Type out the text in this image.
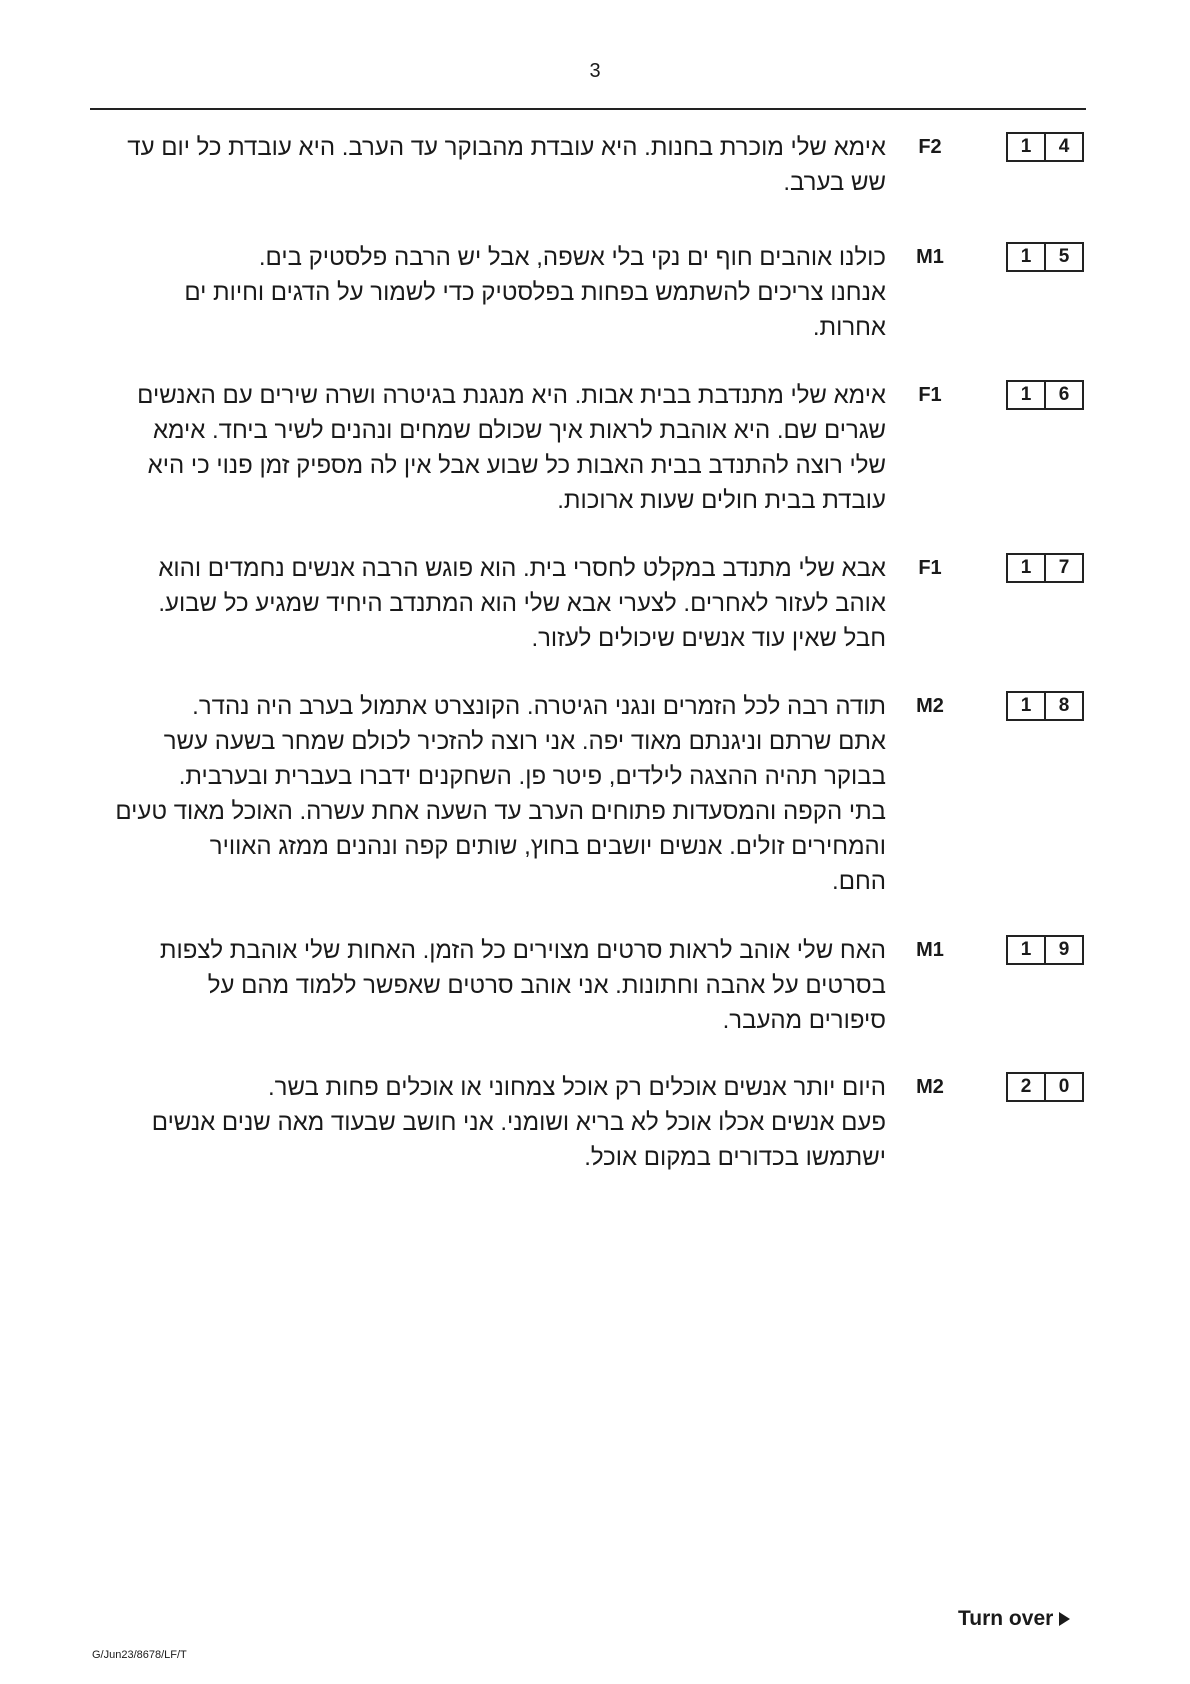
3
1	4
F2
אימא שלי מוכרת בחנות. היא עובדת מהבוקר עד הערב. היא עובדת כל יום עד
שש בערב.
1	5
M1
כולנו אוהבים חוף ים נקי בלי אשפה, אבל יש הרבה פלסטיק בים.
אנחנו צריכים להשתמש בפחות בפלסטיק כדי לשמור על הדגים וחיות ים
אחרות.
1	6
F1
אימא שלי מתנדבת בבית אבות. היא מנגנת בגיטרה ושרה שירים עם האנשים
שגרים שם. היא אוהבת לראות איך שכולם שמחים ונהנים לשיר ביחד. אימא
שלי רוצה להתנדב בבית האבות כל שבוע אבל אין לה מספיק זמן פנוי כי היא
עובדת בבית חולים שעות ארוכות.
1	7
F1
אבא שלי מתנדב במקלט לחסרי בית. הוא פוגש הרבה אנשים נחמדים והוא
אוהב לעזור לאחרים. לצערי אבא שלי הוא המתנדב היחיד שמגיע כל שבוע.
חבל שאין עוד אנשים שיכולים לעזור.
1	8
M2
תודה רבה לכל הזמרים ונגני הגיטרה. הקונצרט אתמול בערב היה נהדר.
אתם שרתם וניגנתם מאוד יפה. אני רוצה להזכיר לכולם שמחר בשעה עשר
בבוקר תהיה ההצגה לילדים, פיטר פן. השחקנים ידברו בעברית ובערבית.
בתי הקפה והמסעדות פתוחים הערב עד השעה אחת עשרה. האוכל מאוד טעים
והמחירים זולים. אנשים יושבים בחוץ, שותים קפה ונהנים ממזג האוויר
החם.
1	9
M1
האח שלי אוהב לראות סרטים מצוירים כל הזמן. האחות שלי אוהבת לצפות
בסרטים על אהבה וחתונות. אני אוהב סרטים שאפשר ללמוד מהם על
סיפורים מהעבר.
2	0
M2
היום יותר אנשים אוכלים רק אוכל צמחוני או אוכלים פחות בשר.
פעם אנשים אכלו אוכל לא בריא ושומני. אני חושב שבעוד מאה שנים אנשים
ישתמשו בכדורים במקום אוכל.
Turn over
G/Jun23/8678/LF/T
